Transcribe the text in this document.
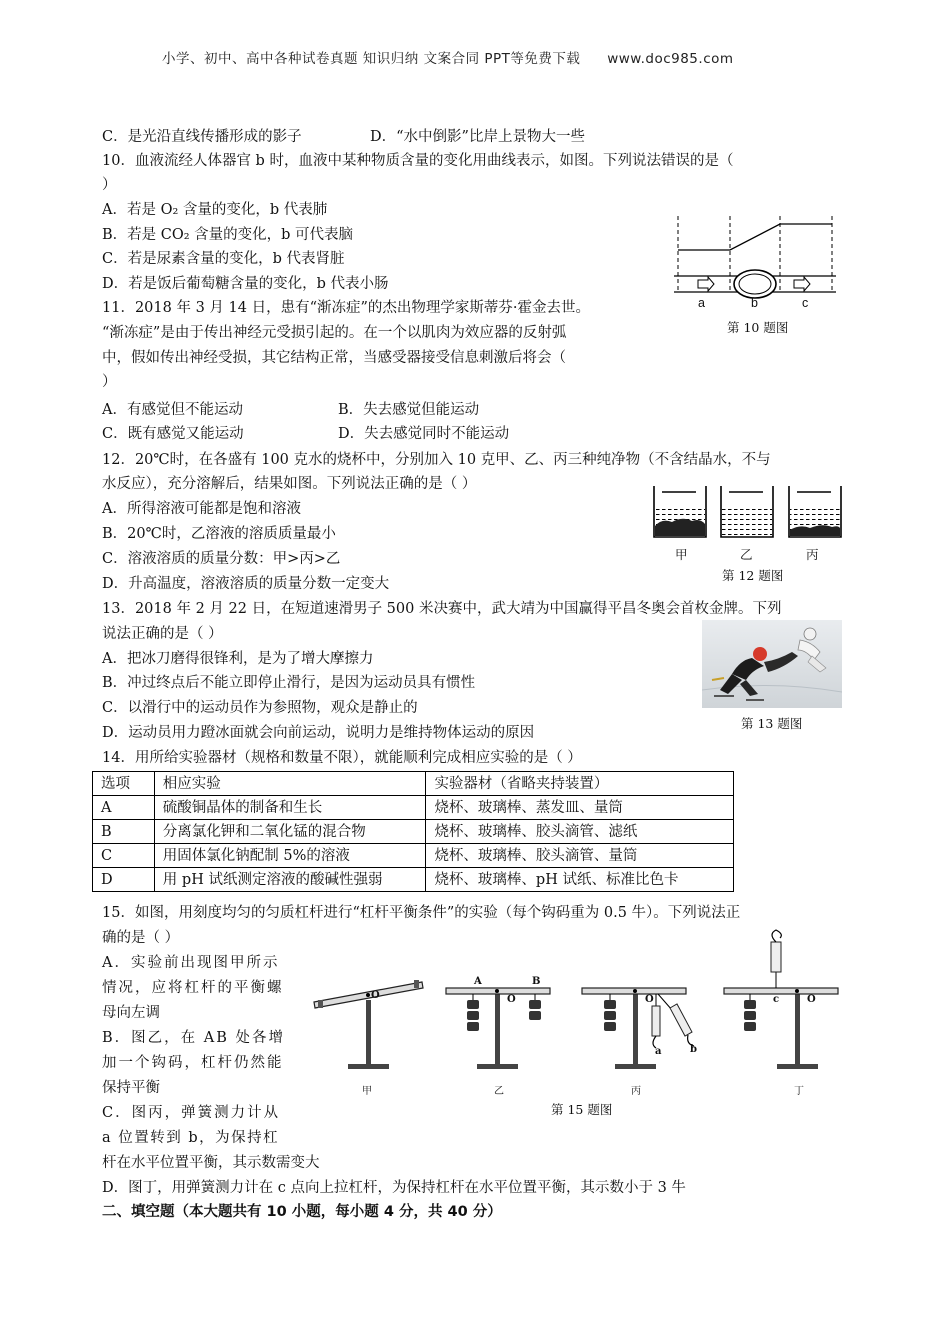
小学、初中、高中各种试卷真题 知识归纳 文案合同 PPT等免费下载 www.doc985.com
C．是光沿直线传播形成的影子	D．“水中倒影”比岸上景物大一些
10．血液流经人体器官 b 时，血液中某种物质含量的变化用曲线表示，如图。下列说法错误的是（
）
A．若是 O₂ 含量的变化，b 代表肺
B．若是 CO₂ 含量的变化，b 可代表脑
C．若是尿素含量的变化，b 代表肾脏
D．若是饭后葡萄糖含量的变化，b 代表小肠
a	b	c
第 10 题图
11．2018 年 3 月 14 日，患有“渐冻症”的杰出物理学家斯蒂芬·霍金去世。
“渐冻症”是由于传出神经元受损引起的。在一个以肌肉为效应器的反射弧
中，假如传出神经受损，其它结构正常，当感受器接受信息刺激后将会（
）
A．有感觉但不能运动	B．失去感觉但能运动
C．既有感觉又能运动	D．失去感觉同时不能运动
12．20℃时，在各盛有 100 克水的烧杯中，分别加入 10 克甲、乙、丙三种纯净物（不含结晶水，不与
水反应），充分溶解后，结果如图。下列说法正确的是（ ）
A．所得溶液可能都是饱和溶液
B．20℃时，乙溶液的溶质质量最小
C．溶液溶质的质量分数：甲>丙>乙
D．升高温度，溶液溶质的质量分数一定变大
甲	乙	丙
第 12 题图
13．2018 年 2 月 22 日，在短道速滑男子 500 米决赛中，武大靖为中国赢得平昌冬奥会首枚金牌。下列
说法正确的是（ ）
A．把冰刀磨得很锋利，是为了增大摩擦力
B．冲过终点后不能立即停止滑行，是因为运动员具有惯性
C．以滑行中的运动员作为参照物，观众是静止的
D．运动员用力蹬冰面就会向前运动，说明力是维持物体运动的原因
第 13 题图
14．用所给实验器材（规格和数量不限），就能顺利完成相应实验的是（ ）
选项	相应实验	实验器材（省略夹持装置）
A	硫酸铜晶体的制备和生长	烧杯、玻璃棒、蒸发皿、量筒
B	分离氯化钾和二氧化锰的混合物	烧杯、玻璃棒、胶头滴管、滤纸
C	用固体氯化钠配制 5%的溶液	烧杯、玻璃棒、胶头滴管、量筒
D	用 pH 试纸测定溶液的酸碱性强弱	烧杯、玻璃棒、pH 试纸、标准比色卡
15．如图，用刻度均匀的匀质杠杆进行“杠杆平衡条件”的实验（每个钩码重为 0.5 牛）。下列说法正
确的是（ ）
A．实验前出现图甲所示
情况，应将杠杆的平衡螺
母向左调
B．图乙，在 AB 处各增
加一个钩码，杠杆仍然能
保持平衡
C．图丙，弹簧测力计从
a 位置转到 b，为保持杠
杆在水平位置平衡，其示数需变大
D．图丁，用弹簧测力计在 c 点向上拉杠杆，为保持杠杆在水平位置平衡，其示数小于 3 牛
O
A	B
O	O
a	b
c	O
甲	乙	丙	丁
第 15 题图
二、填空题（本大题共有 10 小题，每小题 4 分，共 40 分）
